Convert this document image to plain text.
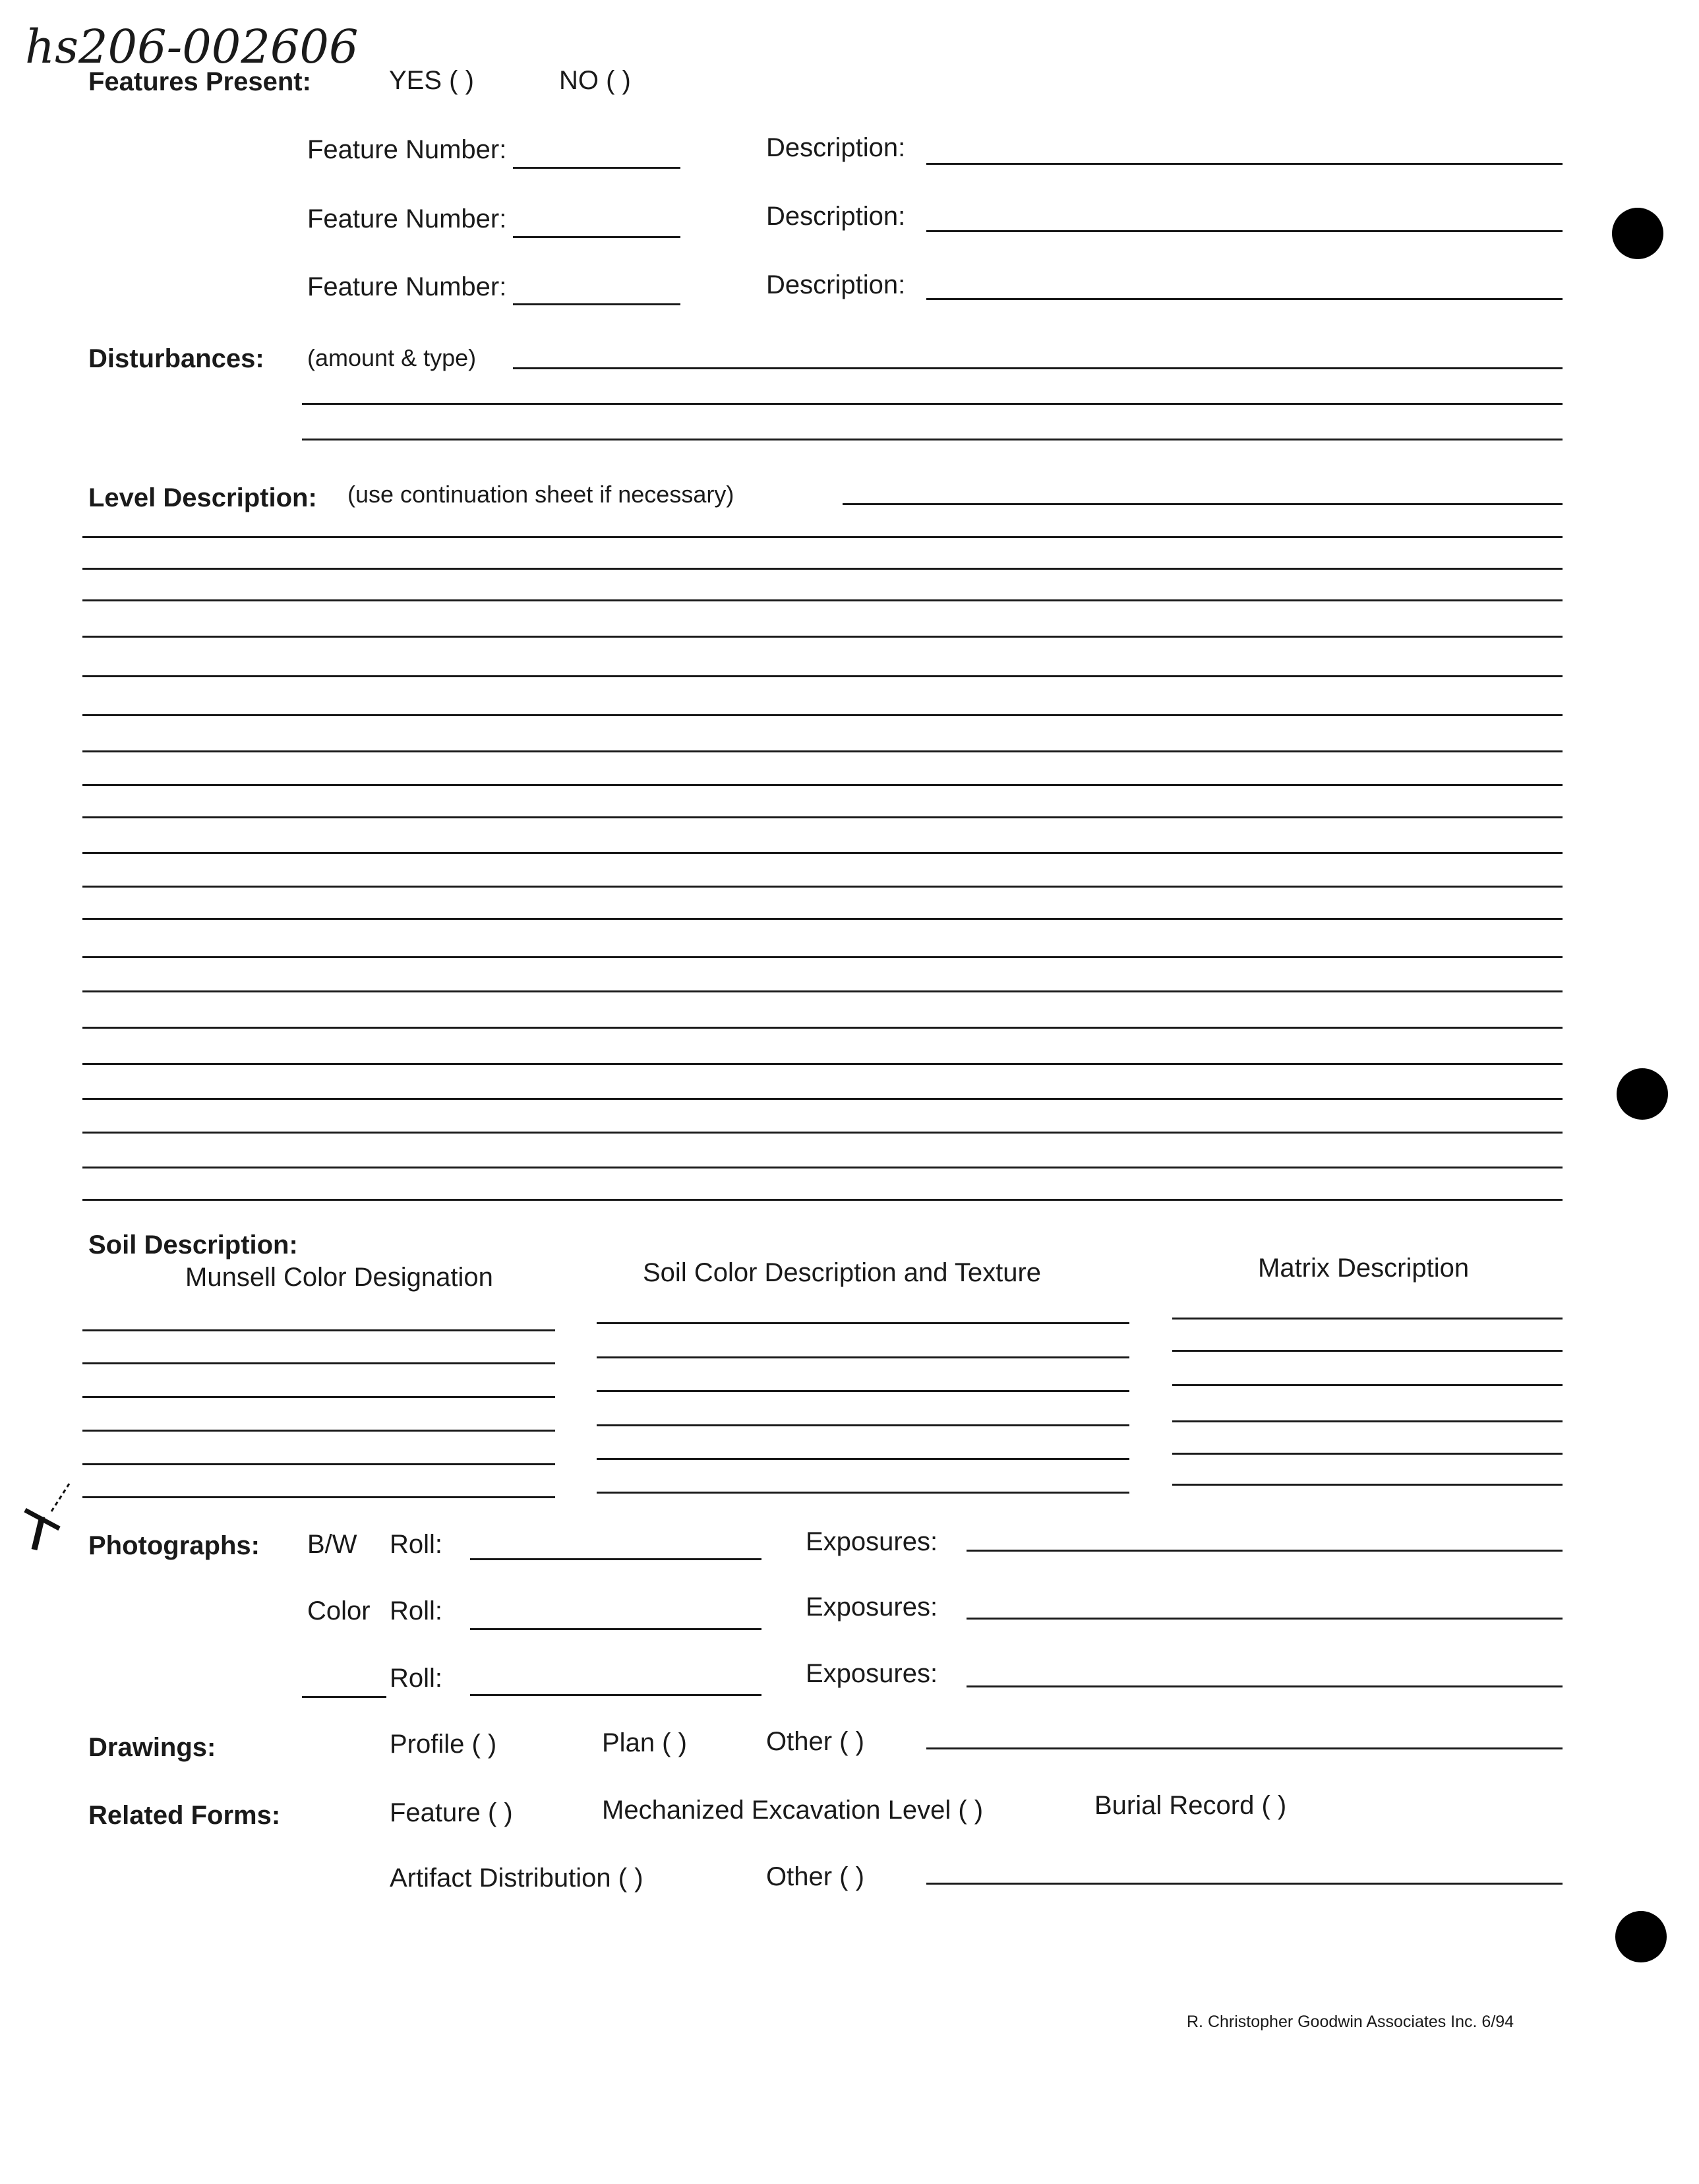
hs206-002606
Features Present:	YES ( )	NO ( )
Feature Number:	Description:
Feature Number:	Description:
Feature Number:	Description:
Disturbances: (amount & type)
Level Description: (use continuation sheet if necessary)
Soil Description:
Munsell Color Designation	Soil Color Description and Texture	Matrix Description
Photographs: B/W Roll:	Exposures:
Color Roll:	Exposures:
Roll:	Exposures:
Drawings:	Profile ( )	Plan ( )	Other ( )
Related Forms:	Feature ( )	Mechanized Excavation Level ( )	Burial Record ( )
Artifact Distribution ( )	Other ( )
R. Christopher Goodwin Associates Inc. 6/94
